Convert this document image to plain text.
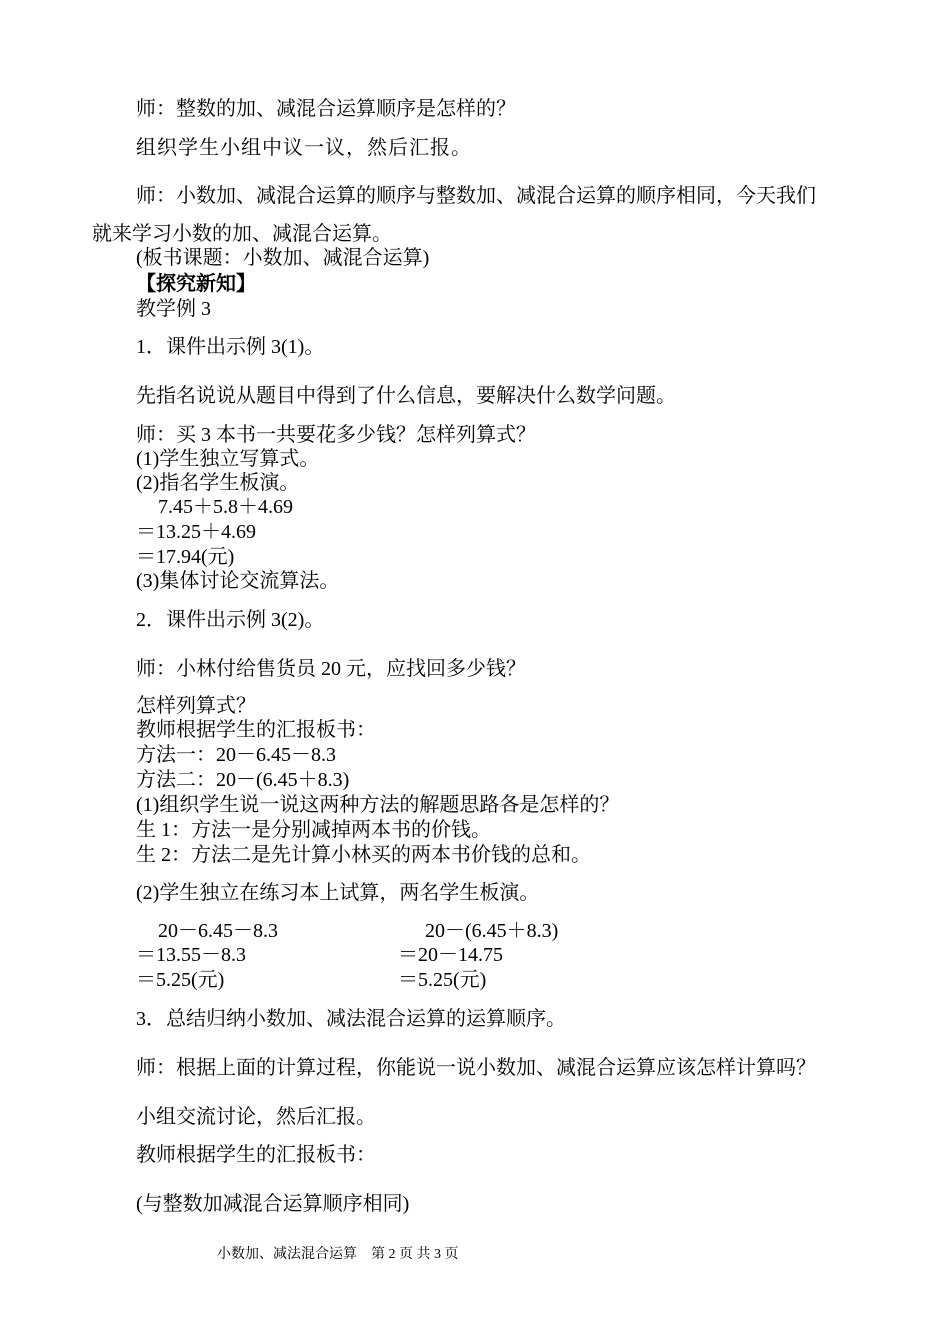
师：整数的加、减混合运算顺序是怎样的？
组织学生小组中议一议，然后汇报。
师：小数加、减混合运算的顺序与整数加、减混合运算的顺序相同，今天我们
就来学习小数的加、减混合运算。
(板书课题：小数加、减混合运算)
【探究新知】
教学例 3
1．课件出示例 3(1)。
先指名说说从题目中得到了什么信息，要解决什么数学问题。
师：买 3 本书一共要花多少钱？怎样列算式？
(1)学生独立写算式。
(2)指名学生板演。
7.45＋5.8＋4.69
＝13.25＋4.69
＝17.94(元)
(3)集体讨论交流算法。
2．课件出示例 3(2)。
师：小林付给售货员 20 元，应找回多少钱？
怎样列算式？
教师根据学生的汇报板书：
方法一：20－6.45－8.3
方法二：20－(6.45＋8.3)
(1)组织学生说一说这两种方法的解题思路各是怎样的？
生 1：方法一是分别减掉两本书的价钱。
生 2：方法二是先计算小林买的两本书价钱的总和。
(2)学生独立在练习本上试算，两名学生板演。
20－6.45－8.3	20－(6.45＋8.3)
＝13.55－8.3	＝20－14.75
＝5.25(元)	＝5.25(元)
3．总结归纳小数加、减法混合运算的运算顺序。
师：根据上面的计算过程，你能说一说小数加、减混合运算应该怎样计算吗？
小组交流讨论，然后汇报。
教师根据学生的汇报板书：
(与整数加减混合运算顺序相同)
小数加、减法混合运算　第 2 页 共 3 页
